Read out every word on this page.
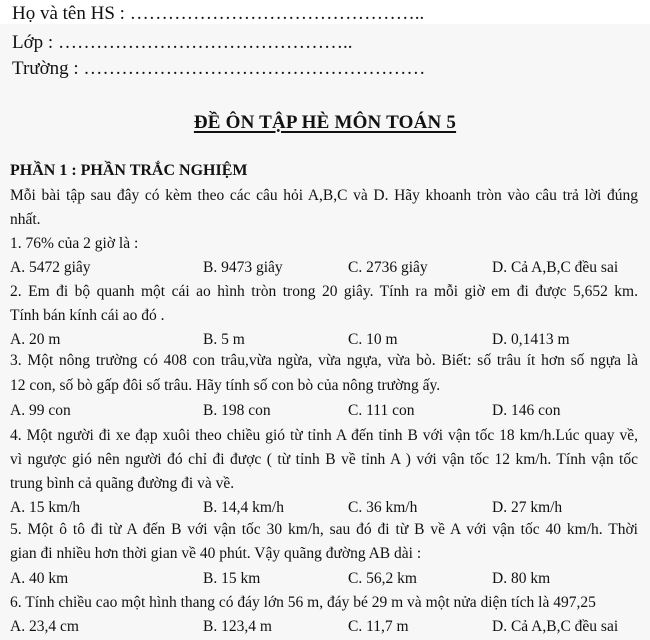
Họ và tên HS : ………………………………………..
Lớp : ………………………………………..
Trường : ………………………………………………
ĐỀ ÔN TẬP HÈ MÔN TOÁN 5
PHẦN 1 : PHẦN TRẮC NGHIỆM
Mỗi bài tập sau đây có kèm theo các câu hỏi A,B,C và D. Hãy khoanh tròn vào câu trả lời đúng
nhất.
1. 76% của 2 giờ là :
A. 5472 giây	B. 9473 giây	C. 2736 giây	D. Cả A,B,C đều sai
2. Em đi bộ quanh một cái ao hình tròn trong 20 giây. Tính ra mỗi giờ em đi được 5,652 km.
Tính bán kính cái ao đó .
A. 20 m	B. 5 m	C. 10 m	D. 0,1413 m
3. Một nông trường có 408 con trâu,vừa ngừa, vừa ngựa, vừa bò. Biết: số trâu ít hơn số ngựa là
12 con, số bò gấp đôi số trâu. Hãy tính số con bò của nông trường ấy.
A. 99 con	B. 198 con	C. 111 con	D. 146 con
4. Một người đi xe đạp xuôi theo chiều gió từ tỉnh A đến tỉnh B với vận tốc 18 km/h.Lúc quay về,
vì ngược gió nên người đó chỉ đi được ( từ tỉnh B về tỉnh A ) với vận tốc 12 km/h. Tính vận tốc
trung bình cả quãng đường đi và về.
A. 15 km/h	B. 14,4 km/h	C. 36 km/h	D. 27 km/h
5. Một ô tô đi từ A đến B với vận tốc 30 km/h, sau đó đi từ B về A với vận tốc 40 km/h. Thời
gian đi nhiều hơn thời gian về 40 phút. Vậy quãng đường AB dài :
A. 40 km	B. 15 km	C. 56,2 km	D. 80 km
6. Tính chiều cao một hình thang có đáy lớn 56 m, đáy bé 29 m và một nửa diện tích là 497,25
A. 23,4 cm	B. 123,4 m	C. 11,7 m	D. Cả A,B,C đều sai
